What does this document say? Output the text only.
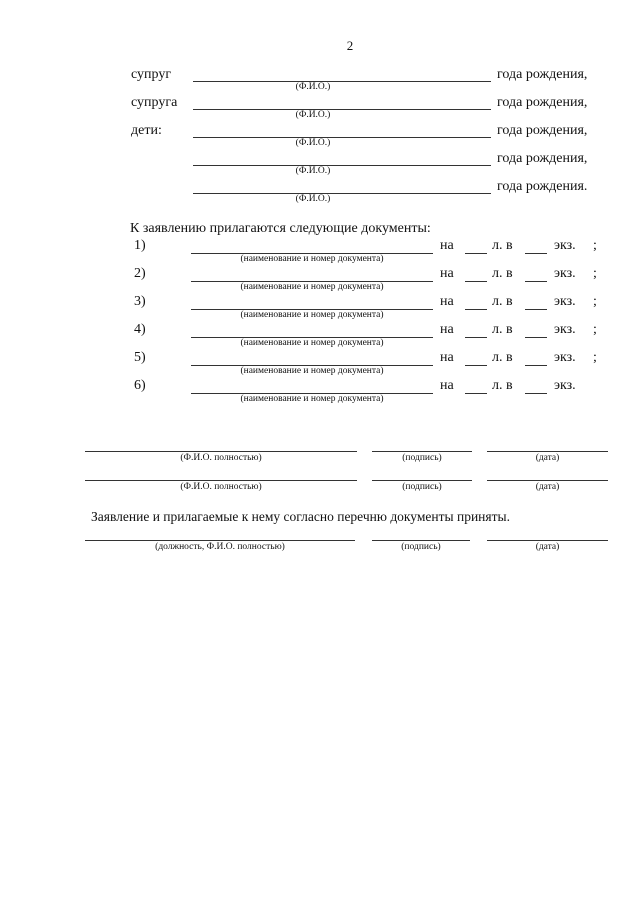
2
супруг	года рождения,
(Ф.И.О.)
супруга	года рождения,
(Ф.И.О.)
дети:	года рождения,
(Ф.И.О.)
года рождения,
(Ф.И.О.)
года рождения.
(Ф.И.О.)
К заявлению прилагаются следующие документы:
1)
(наименование и номер документа)
на	л. в	экз. ;
2)
(наименование и номер документа)
на	л. в	экз. ;
3)
(наименование и номер документа)
на	л. в	экз. ;
4)
(наименование и номер документа)
на	л. в	экз. ;
5)
(наименование и номер документа)
на	л. в	экз. ;
6)
(наименование и номер документа)
на	л. в	экз.
(Ф.И.О. полностью)	(подпись)	(дата)
(Ф.И.О. полностью)	(подпись)	(дата)
Заявление и прилагаемые к нему согласно перечню документы приняты.
(должность, Ф.И.О. полностью)	(подпись)	(дата)
